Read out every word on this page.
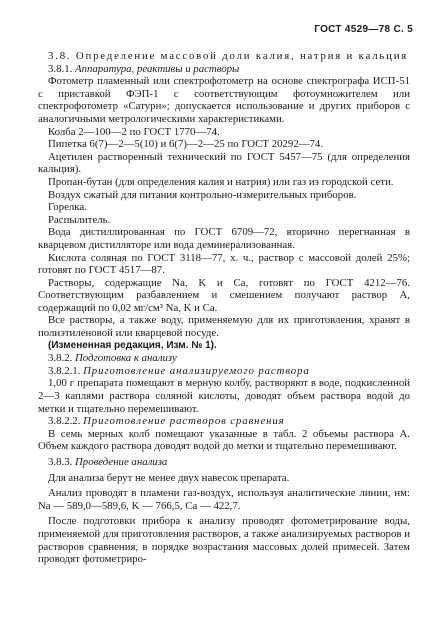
ГОСТ 4529—78 С. 5

3.8. Определение массовой доли калия, натрия и кальция

3.8.1. Аппаратура, реактивы и растворы

Фотометр пламенный или спектрофотометр на основе спектрографа ИСП-51 с приставкой ФЭП-1 с соответствующим фотоумножителем или спектрофотометр «Сатурн»; допускается использование и других приборов с аналогичными метрологическими характеристиками.

Колба 2—100—2 по ГОСТ 1770—74.

Пипетка 6(7)—2—5(10) и 6(7)—2—25 по ГОСТ 20292—74.

Ацетилен растворенный технический по ГОСТ 5457—75 (для определения кальция).

Пропан-бутан (для определения калия и натрия) или газ из городской сети.

Воздух сжатый для питания контрольно-измерительных приборов.

Горелка.

Распылитель.

Вода дистиллированная по ГОСТ 6709—72, вторично перегнанная в кварцевом дистилляторе или вода деминерализованная.

Кислота соляная по ГОСТ 3118—77, х. ч., раствор с массовой долей 25%; готовят по ГОСТ 4517—87.

Растворы, содержащие Na, K и Ca, готовят по ГОСТ 4212—76. Соответствующим разбавлением и смешением получают раствор А, содержащий по 0,02 мг/см³ Na, K и Ca.

Все растворы, а также воду, применяемую для их приготовления, хранят в полиэтиленовой или кварцевой посуде.

(Измененная редакция, Изм. № 1).

3.8.2. Подготовка к анализу

3.8.2.1. Приготовление анализируемого раствора

1,00 г препарата помещают в мерную колбу, растворяют в воде, подкисленной 2—3 каплями раствора соляной кислоты, доводят объем раствора водой до метки и тщательно перемешивают.

3.8.2.2. Приготовление растворов сравнения

В семь мерных колб помещают указанные в табл. 2 объемы раствора А. Объем каждого раствора доводят водой до метки и тщательно перемешивают.

3.8.3. Проведение анализа

Для анализа берут не менее двух навесок препарата.

Анализ проводят в пламени газ-воздух, используя аналитические линии, нм: Na — 589,0—589,6, K — 766,5, Ca — 422,7.

После подготовки прибора к анализу проводят фотометрирование воды, применяемой для приготовления растворов, а также анализируемых растворов и растворов сравнения, в порядке возрастания массовых долей примесей. Затем проводят фотометриро-
